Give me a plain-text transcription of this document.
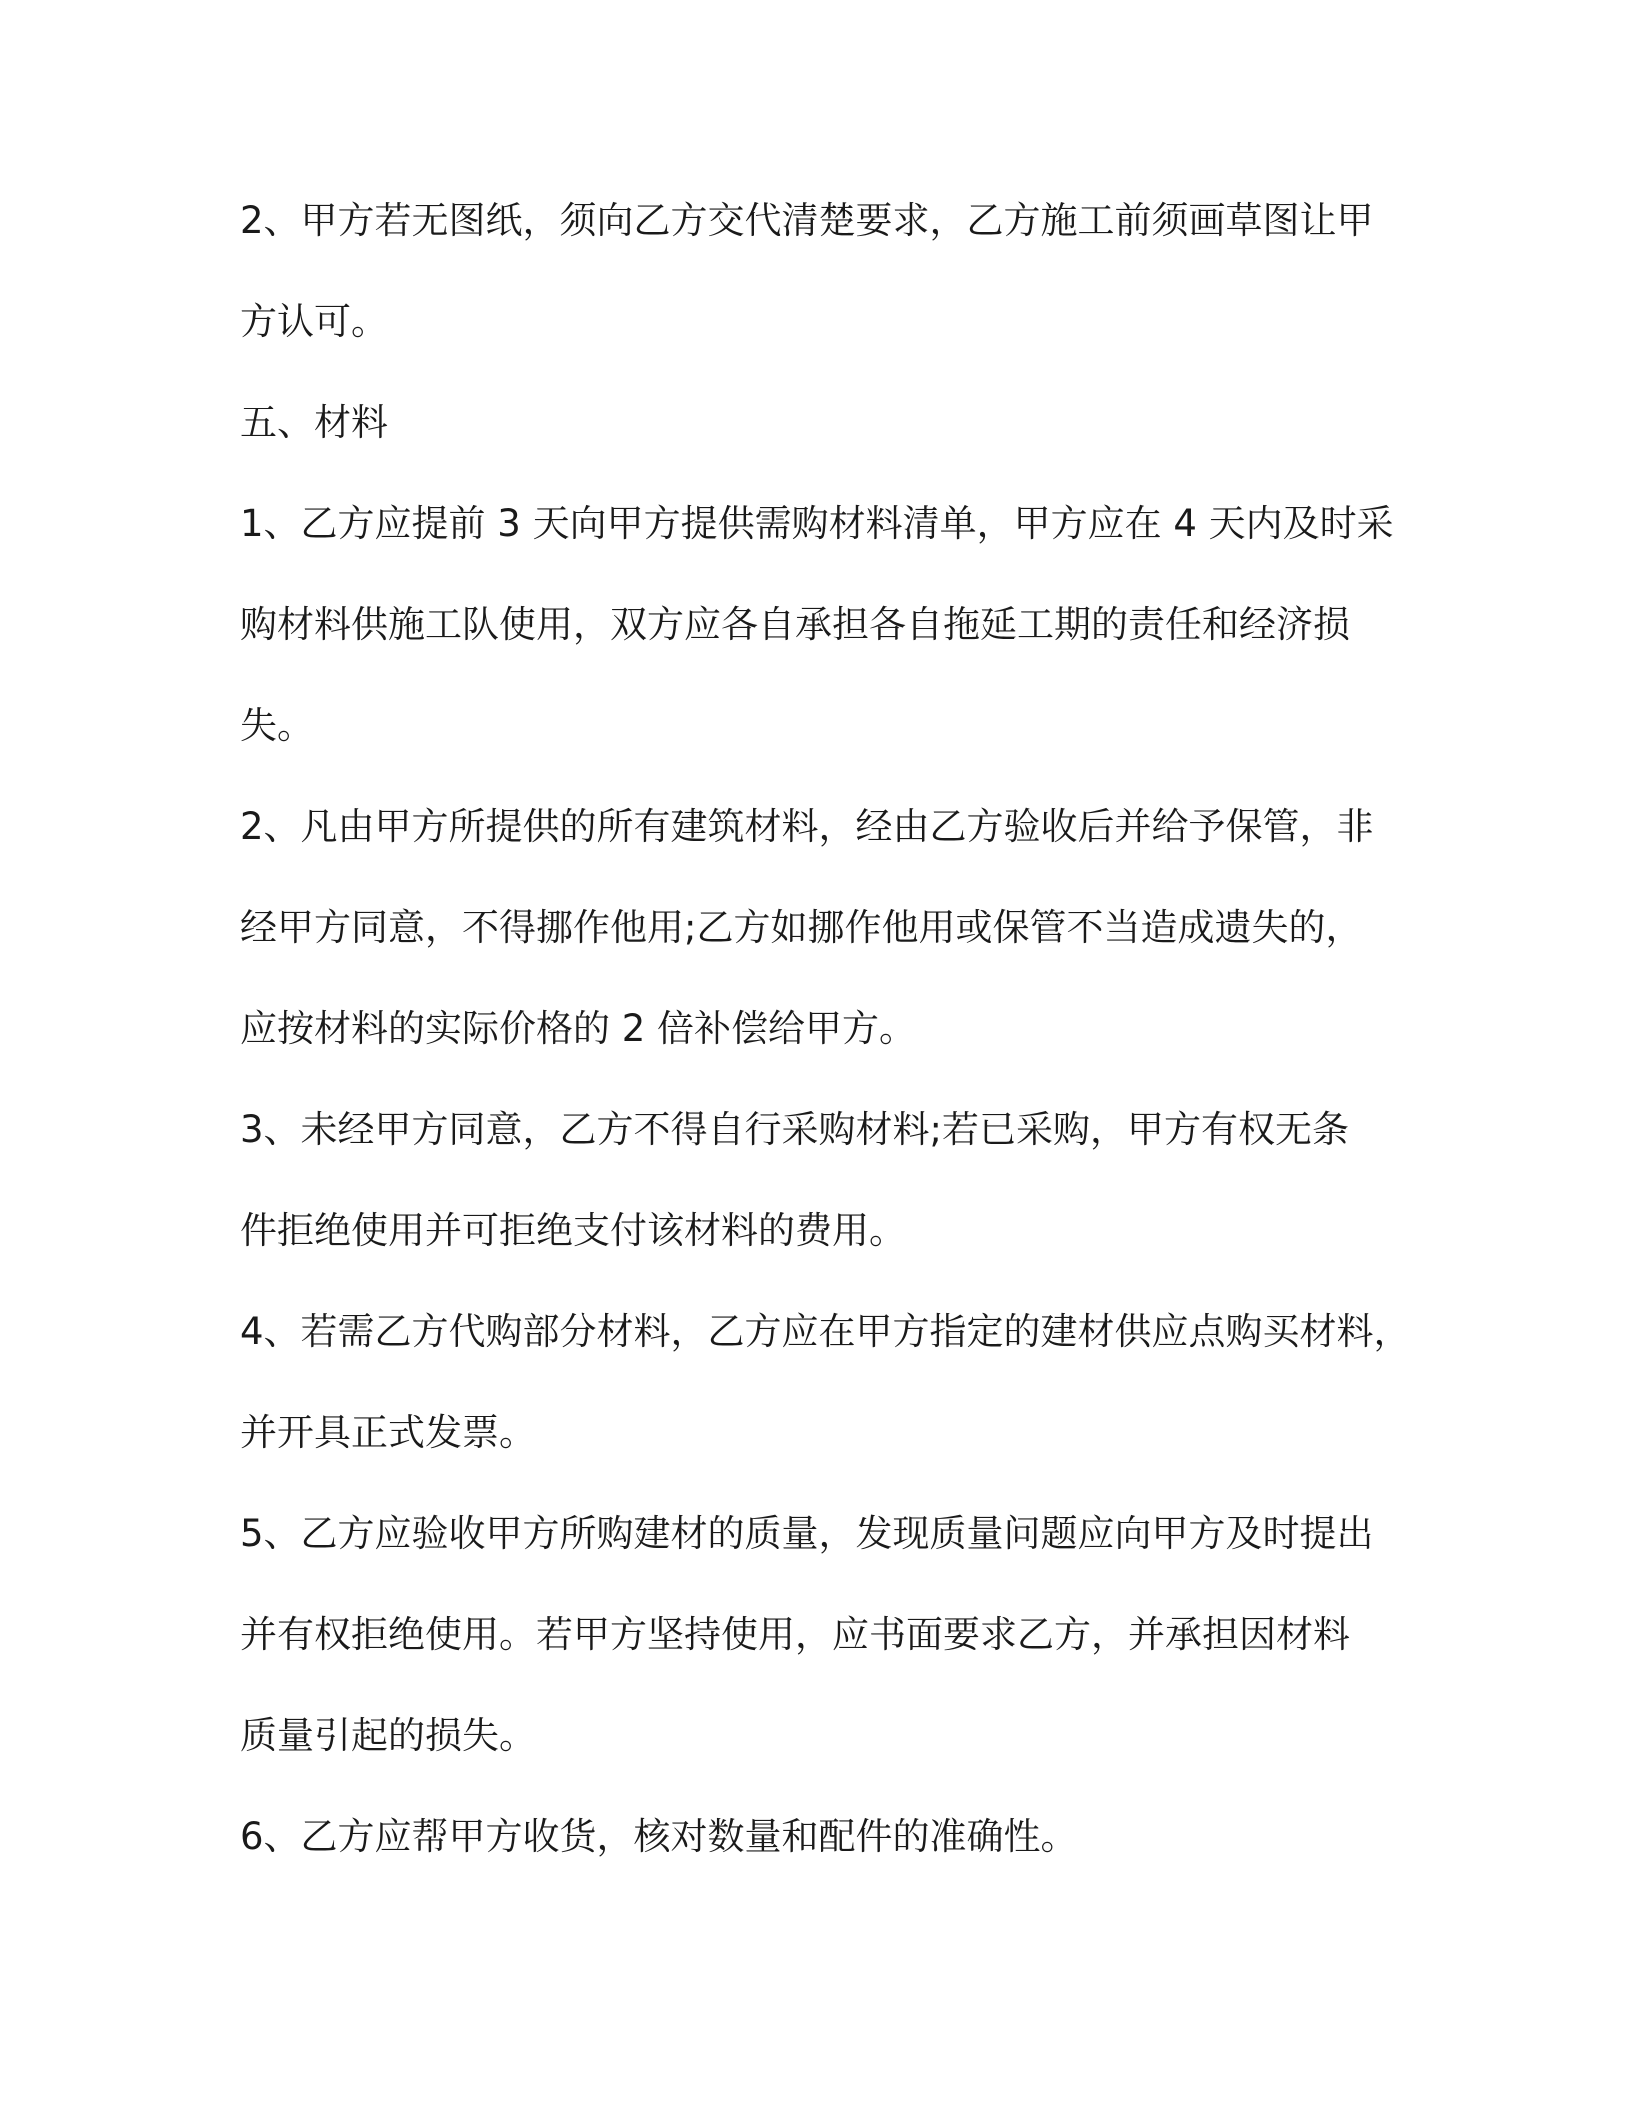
2、甲方若无图纸，须向乙方交代清楚要求，乙方施工前须画草图让甲
方认可。
五、材料
1、乙方应提前 3 天向甲方提供需购材料清单，甲方应在 4 天内及时采
购材料供施工队使用，双方应各自承担各自拖延工期的责任和经济损
失。
2、凡由甲方所提供的所有建筑材料，经由乙方验收后并给予保管，非
经甲方同意，不得挪作他用;乙方如挪作他用或保管不当造成遗失的，
应按材料的实际价格的 2 倍补偿给甲方。
3、未经甲方同意，乙方不得自行采购材料;若已采购，甲方有权无条
件拒绝使用并可拒绝支付该材料的费用。
4、若需乙方代购部分材料，乙方应在甲方指定的建材供应点购买材料，
并开具正式发票。
5、乙方应验收甲方所购建材的质量，发现质量问题应向甲方及时提出
并有权拒绝使用。若甲方坚持使用，应书面要求乙方，并承担因材料
质量引起的损失。
6、乙方应帮甲方收货，核对数量和配件的准确性。
